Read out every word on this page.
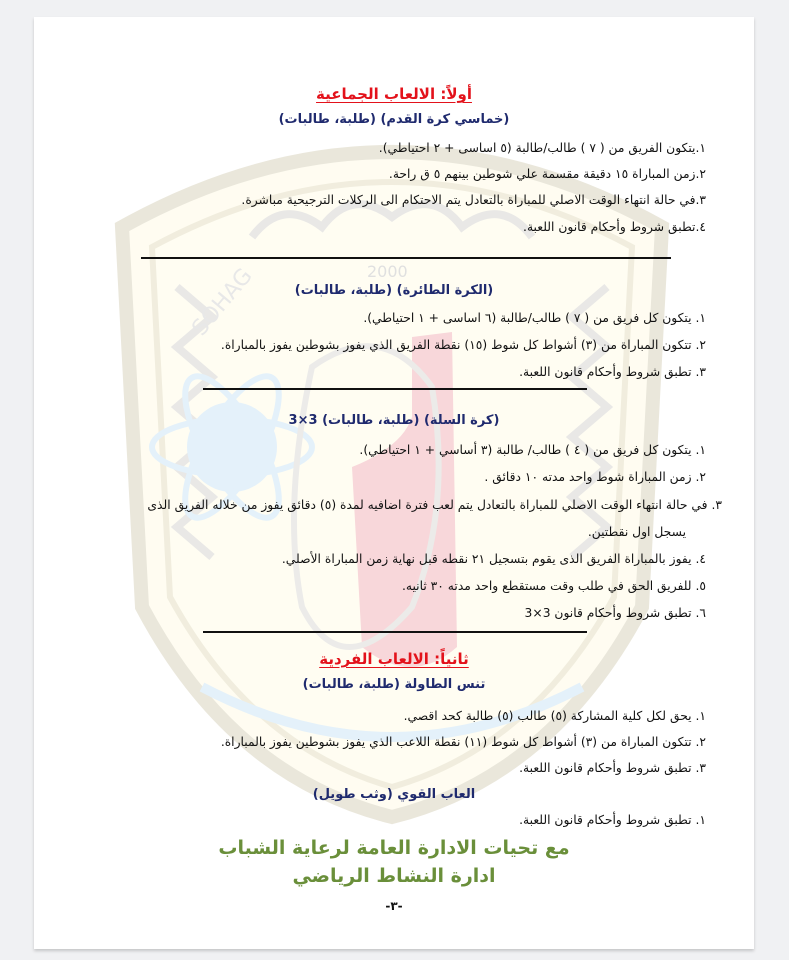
2000
SOHAG
أولاً: الالعاب الجماعية
(خماسي كرة القدم) (طلبة، طالبات)
١.يتكون الفريق من ( ٧ ) طالب/طالبة (٥ اساسى + ٢ احتياطي).
٢.زمن المباراة ١٥ دقيقة مقسمة علي شوطين بينهم ٥ ق راحة.
٣.في حالة انتهاء الوقت الاصلي للمباراة بالتعادل يتم الاحتكام الى الركلات الترجيحية مباشرة.
٤.تطبق شروط وأحكام قانون اللعبة.
(الكرة الطائرة) (طلبة، طالبات)
١. يتكون كل فريق من ( ٧ ) طالب/طالبة (٦ اساسى + ١ احتياطي).
٢. تتكون المباراة من (٣) أشواط كل شوط (١٥) نقطة الفريق الذي يفوز بشوطين يفوز بالمباراة.
٣. تطبق شروط وأحكام قانون اللعبة.
(كرة السلة) (طلبة، طالبات) 3×3
١. يتكون كل فريق من ( ٤ ) طالب/ طالبة (٣ أساسي + ١ احتياطي).
٢. زمن المباراة شوط واحد مدته ١٠ دقائق .
٣. في حالة انتهاء الوقت الاصلي للمباراة بالتعادل يتم لعب فترة اضافيه لمدة (٥) دقائق يفوز من خلاله الفريق الذى
يسجل اول نقطتين.
٤. يفوز بالمباراة الفريق الذى يقوم بتسجيل ٢١ نقطه قبل نهاية زمن المباراة الأصلي.
٥. للفريق الحق في طلب وقت مستقطع واحد مدته ٣٠ ثانيه.
٦. تطبق شروط وأحكام قانون 3×3
ثانياً: الالعاب الفردية
تنس الطاولة (طلبة، طالبات)
١. يحق لكل كلية المشاركة (٥) طالب (٥) طالبة كحد اقصي.
٢. تتكون المباراة من (٣) أشواط كل شوط (١١) نقطة اللاعب الذي يفوز بشوطين يفوز بالمباراة.
٣. تطبق شروط وأحكام قانون اللعبة.
العاب القوي (وثب طويل)
١. تطبق شروط وأحكام قانون اللعبة.
مع تحيات الادارة العامة لرعاية الشباب
ادارة النشاط الرياضي
-٣-
